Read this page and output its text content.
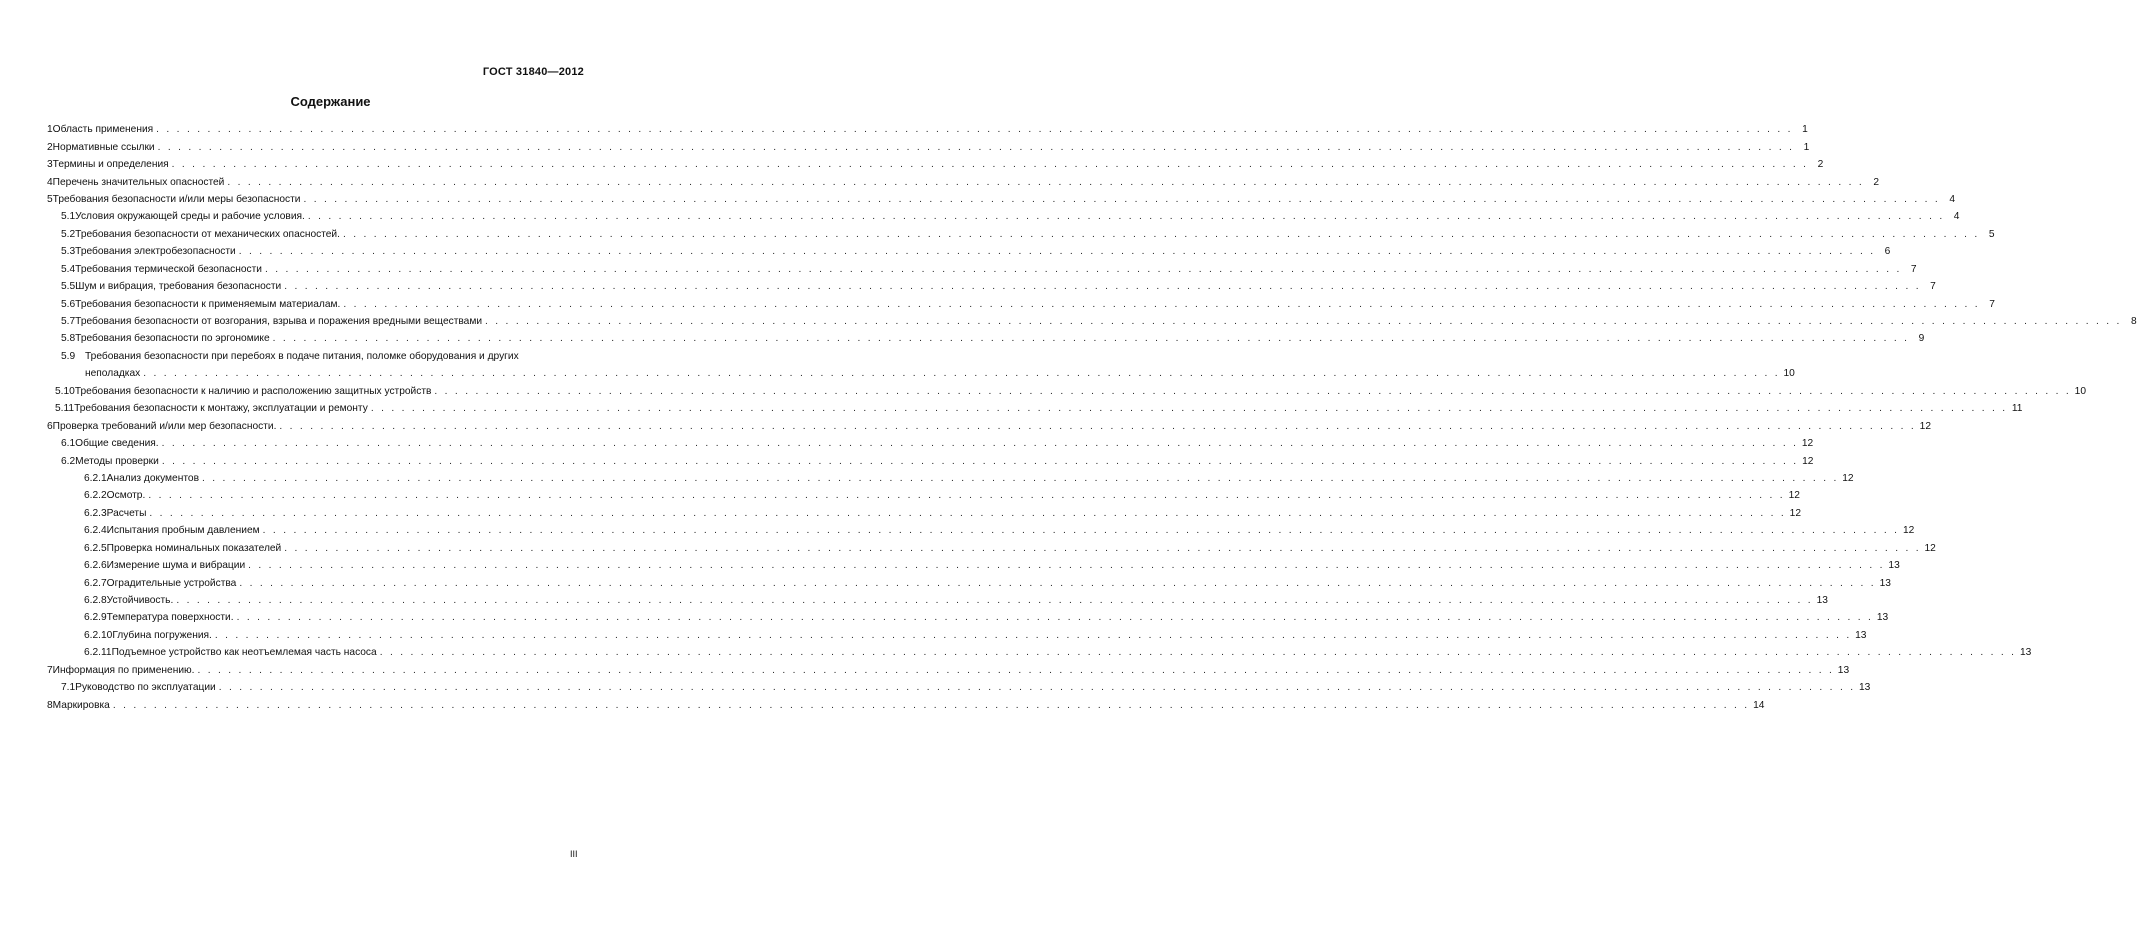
ГОСТ 31840—2012
Содержание
1 Область применения . . . . . . . . . . . . . . . . . . . . . . . . . . . . . . . . . . . . . . . . . . . . . . . . . . . . . . . . . . . . . . . . . . . . . . . . . . . . . . . . . . . . . . . . . . . . . . . . . . . . . . . . . . . . . . . . . . . . . . . . . . . . . . . . . . . . . . . . . . . . . . . . . . . . . . . . . . . . . . . . 1
2 Нормативные ссылки . . . . . . . . . . . . . . . . . . . . . . . . . . . . . . . . . . . . . . . . . . . . . . . . . . . . . . . . . . . . . . . . . . . . . . . . . . . . . . . . . . . . . . . . . . . . . . . . . . . . . . . . . . . . . . . . . . . . . . . . . . . . . . . . . . . . . . . . . . . . . . . . . . . . . . . . . . . . . . . . 1
3 Термины и определения . . . . . . . . . . . . . . . . . . . . . . . . . . . . . . . . . . . . . . . . . . . . . . . . . . . . . . . . . . . . . . . . . . . . . . . . . . . . . . . . . . . . . . . . . . . . . . . . . . . . . . . . . . . . . . . . . . . . . . . . . . . . . . . . . . . . . . . . . . . . . . . . . . . . . . . . . . . . . . . . 2
4 Перечень значительных опасностей . . . . . . . . . . . . . . . . . . . . . . . . . . . . . . . . . . . . . . . . . . . . . . . . . . . . . . . . . . . . . . . . . . . . . . . . . . . . . . . . . . . . . . . . . . . . . . . . . . . . . . . . . . . . . . . . . . . . . . . . . . . . . . . . . . . . . . . . . . . . . . . . . . . . . . . . . . . . . . . . 2
5 Требования безопасности и/или меры безопасности . . . . . . . . . . . . . . . . . . . . . . . . . . . . . . . . . . . . . . . . . . . . . . . . . . . . . . . . . . . . . . . . . . . . . . . . . . . . . . . . . . . . . . . . . . . . . . . . . . . . . . . . . . . . . . . . . . . . . . . . . . . . . . . . . . . . . . . . . . . . . . . . . . . . . . . . . . . . . . . . 4
5.1 Условия окружающей среды и рабочие условия. . . . . . . . . . . . . . . . . . . . . . . . . . . . . . . . . . . . . . . . . . . . . . . . . . . . . . . . . . . . . . . . . . . . . . . . . . . . . . . . . . . . . . . . . . . . . . . . . . . . . . . . . . . . . . . . . . . . . . . . . . . . . . . . . . . . . . . . . . . . . . . . . . . . . . . . . . . . . . . . . 4
5.2 Требования безопасности от механических опасностей. . . . . . . . . . . . . . . . . . . . . . . . . . . . . . . . . . . . . . . . . . . . . . . . . . . . . . . . . . . . . . . . . . . . . . . . . . . . . . . . . . . . . . . . . . . . . . . . . . . . . . . . . . . . . . . . . . . . . . . . . . . . . . . . . . . . . . . . . . . . . . . . . . . . . . . . . . . . . . . . . 5
5.3 Требования электробезопасности . . . . . . . . . . . . . . . . . . . . . . . . . . . . . . . . . . . . . . . . . . . . . . . . . . . . . . . . . . . . . . . . . . . . . . . . . . . . . . . . . . . . . . . . . . . . . . . . . . . . . . . . . . . . . . . . . . . . . . . . . . . . . . . . . . . . . . . . . . . . . . . . . . . . . . . . . . . . . . . . 6
5.4 Требования термической безопасности . . . . . . . . . . . . . . . . . . . . . . . . . . . . . . . . . . . . . . . . . . . . . . . . . . . . . . . . . . . . . . . . . . . . . . . . . . . . . . . . . . . . . . . . . . . . . . . . . . . . . . . . . . . . . . . . . . . . . . . . . . . . . . . . . . . . . . . . . . . . . . . . . . . . . . . . . . . . . . . . 7
5.5 Шум и вибрация, требования безопасности . . . . . . . . . . . . . . . . . . . . . . . . . . . . . . . . . . . . . . . . . . . . . . . . . . . . . . . . . . . . . . . . . . . . . . . . . . . . . . . . . . . . . . . . . . . . . . . . . . . . . . . . . . . . . . . . . . . . . . . . . . . . . . . . . . . . . . . . . . . . . . . . . . . . . . . . . . . . . . . . 7
5.6 Требования безопасности к применяемым материалам. . . . . . . . . . . . . . . . . . . . . . . . . . . . . . . . . . . . . . . . . . . . . . . . . . . . . . . . . . . . . . . . . . . . . . . . . . . . . . . . . . . . . . . . . . . . . . . . . . . . . . . . . . . . . . . . . . . . . . . . . . . . . . . . . . . . . . . . . . . . . . . . . . . . . . . . . . . . . . . . . 7
5.7 Требования безопасности от возгорания, взрыва и поражения вредными веществами . . . . . . . . . . . . . . . . . . . . . . . . . . . . . . . . . . . . . . . . . . . . . . . . . . . . . . . . . . . . . . . . . . . . . . . . . . . . . . . . . . . . . . . . . . . . . . . . . . . . . . . . . . . . . . . . . . . . . . . . . . . . . . . . . . . . . . . . . . . . . . . . . . . . . . . . . . . . . . . . 8
5.8 Требования безопасности по эргономике . . . . . . . . . . . . . . . . . . . . . . . . . . . . . . . . . . . . . . . . . . . . . . . . . . . . . . . . . . . . . . . . . . . . . . . . . . . . . . . . . . . . . . . . . . . . . . . . . . . . . . . . . . . . . . . . . . . . . . . . . . . . . . . . . . . . . . . . . . . . . . . . . . . . . . . . . . . . . . . . 9
5.9 Требования безопасности при перебоях в подаче питания, поломке оборудования и других
неполадках . . . . . . . . . . . . . . . . . . . . . . . . . . . . . . . . . . . . . . . . . . . . . . . . . . . . . . . . . . . . . . . . . . . . . . . . . . . . . . . . . . . . . . . . . . . . . . . . . . . . . . . . . . . . . . . . . . . . . . . . . . . . . . . . . . . . . . . . . . . . . . . . . . . . . . . . . . . . . . . . 10
5.10 Требования безопасности к наличию и расположению защитных устройств . . . . . . . . . . . . . . . . . . . . . . . . . . . . . . . . . . . . . . . . . . . . . . . . . . . . . . . . . . . . . . . . . . . . . . . . . . . . . . . . . . . . . . . . . . . . . . . . . . . . . . . . . . . . . . . . . . . . . . . . . . . . . . . . . . . . . . . . . . . . . . . . . . . . . . . . . . . . . . . . 10
5.11 Требования безопасности к монтажу, эксплуатации и ремонту . . . . . . . . . . . . . . . . . . . . . . . . . . . . . . . . . . . . . . . . . . . . . . . . . . . . . . . . . . . . . . . . . . . . . . . . . . . . . . . . . . . . . . . . . . . . . . . . . . . . . . . . . . . . . . . . . . . . . . . . . . . . . . . . . . . . . . . . . . . . . . . . . . . . . . . . . . . . . . . . 11
6 Проверка требований и/или мер безопасности. . . . . . . . . . . . . . . . . . . . . . . . . . . . . . . . . . . . . . . . . . . . . . . . . . . . . . . . . . . . . . . . . . . . . . . . . . . . . . . . . . . . . . . . . . . . . . . . . . . . . . . . . . . . . . . . . . . . . . . . . . . . . . . . . . . . . . . . . . . . . . . . . . . . . . . . . . . . . . . . . 12
6.1 Общие сведения. . . . . . . . . . . . . . . . . . . . . . . . . . . . . . . . . . . . . . . . . . . . . . . . . . . . . . . . . . . . . . . . . . . . . . . . . . . . . . . . . . . . . . . . . . . . . . . . . . . . . . . . . . . . . . . . . . . . . . . . . . . . . . . . . . . . . . . . . . . . . . . . . . . . . . . . . . . . . . . . . 12
6.2 Методы проверки . . . . . . . . . . . . . . . . . . . . . . . . . . . . . . . . . . . . . . . . . . . . . . . . . . . . . . . . . . . . . . . . . . . . . . . . . . . . . . . . . . . . . . . . . . . . . . . . . . . . . . . . . . . . . . . . . . . . . . . . . . . . . . . . . . . . . . . . . . . . . . . . . . . . . . . . . . . . . . . . 12
6.2.1 Анализ документов . . . . . . . . . . . . . . . . . . . . . . . . . . . . . . . . . . . . . . . . . . . . . . . . . . . . . . . . . . . . . . . . . . . . . . . . . . . . . . . . . . . . . . . . . . . . . . . . . . . . . . . . . . . . . . . . . . . . . . . . . . . . . . . . . . . . . . . . . . . . . . . . . . . . . . . . . . . . . . . . 12
6.2.2 Осмотр. . . . . . . . . . . . . . . . . . . . . . . . . . . . . . . . . . . . . . . . . . . . . . . . . . . . . . . . . . . . . . . . . . . . . . . . . . . . . . . . . . . . . . . . . . . . . . . . . . . . . . . . . . . . . . . . . . . . . . . . . . . . . . . . . . . . . . . . . . . . . . . . . . . . . . . . . . . . . . . . . 12
6.2.3 Расчеты . . . . . . . . . . . . . . . . . . . . . . . . . . . . . . . . . . . . . . . . . . . . . . . . . . . . . . . . . . . . . . . . . . . . . . . . . . . . . . . . . . . . . . . . . . . . . . . . . . . . . . . . . . . . . . . . . . . . . . . . . . . . . . . . . . . . . . . . . . . . . . . . . . . . . . . . . . . . . . . . 12
6.2.4 Испытания пробным давлением . . . . . . . . . . . . . . . . . . . . . . . . . . . . . . . . . . . . . . . . . . . . . . . . . . . . . . . . . . . . . . . . . . . . . . . . . . . . . . . . . . . . . . . . . . . . . . . . . . . . . . . . . . . . . . . . . . . . . . . . . . . . . . . . . . . . . . . . . . . . . . . . . . . . . . . . . . . . . . . . 12
6.2.5 Проверка номинальных показателей . . . . . . . . . . . . . . . . . . . . . . . . . . . . . . . . . . . . . . . . . . . . . . . . . . . . . . . . . . . . . . . . . . . . . . . . . . . . . . . . . . . . . . . . . . . . . . . . . . . . . . . . . . . . . . . . . . . . . . . . . . . . . . . . . . . . . . . . . . . . . . . . . . . . . . . . . . . . . . . . 12
6.2.6 Измерение шума и вибрации . . . . . . . . . . . . . . . . . . . . . . . . . . . . . . . . . . . . . . . . . . . . . . . . . . . . . . . . . . . . . . . . . . . . . . . . . . . . . . . . . . . . . . . . . . . . . . . . . . . . . . . . . . . . . . . . . . . . . . . . . . . . . . . . . . . . . . . . . . . . . . . . . . . . . . . . . . . . . . . . 13
6.2.7 Оградительные устройства . . . . . . . . . . . . . . . . . . . . . . . . . . . . . . . . . . . . . . . . . . . . . . . . . . . . . . . . . . . . . . . . . . . . . . . . . . . . . . . . . . . . . . . . . . . . . . . . . . . . . . . . . . . . . . . . . . . . . . . . . . . . . . . . . . . . . . . . . . . . . . . . . . . . . . . . . . . . . . . . 13
6.2.8 Устойчивость. . . . . . . . . . . . . . . . . . . . . . . . . . . . . . . . . . . . . . . . . . . . . . . . . . . . . . . . . . . . . . . . . . . . . . . . . . . . . . . . . . . . . . . . . . . . . . . . . . . . . . . . . . . . . . . . . . . . . . . . . . . . . . . . . . . . . . . . . . . . . . . . . . . . . . . . . . . . . . . . . 13
6.2.9 Температура поверхности. . . . . . . . . . . . . . . . . . . . . . . . . . . . . . . . . . . . . . . . . . . . . . . . . . . . . . . . . . . . . . . . . . . . . . . . . . . . . . . . . . . . . . . . . . . . . . . . . . . . . . . . . . . . . . . . . . . . . . . . . . . . . . . . . . . . . . . . . . . . . . . . . . . . . . . . . . . . . . . . . 13
6.2.10 Глубина погружения. . . . . . . . . . . . . . . . . . . . . . . . . . . . . . . . . . . . . . . . . . . . . . . . . . . . . . . . . . . . . . . . . . . . . . . . . . . . . . . . . . . . . . . . . . . . . . . . . . . . . . . . . . . . . . . . . . . . . . . . . . . . . . . . . . . . . . . . . . . . . . . . . . . . . . . . . . . . . . . . . 13
6.2.11 Подъемное устройство как неотъемлемая часть насоса . . . . . . . . . . . . . . . . . . . . . . . . . . . . . . . . . . . . . . . . . . . . . . . . . . . . . . . . . . . . . . . . . . . . . . . . . . . . . . . . . . . . . . . . . . . . . . . . . . . . . . . . . . . . . . . . . . . . . . . . . . . . . . . . . . . . . . . . . . . . . . . . . . . . . . . . . . . . . . . . 13
7 Информация по применению. . . . . . . . . . . . . . . . . . . . . . . . . . . . . . . . . . . . . . . . . . . . . . . . . . . . . . . . . . . . . . . . . . . . . . . . . . . . . . . . . . . . . . . . . . . . . . . . . . . . . . . . . . . . . . . . . . . . . . . . . . . . . . . . . . . . . . . . . . . . . . . . . . . . . . . . . . . . . . . . . 13
7.1 Руководство по эксплуатации . . . . . . . . . . . . . . . . . . . . . . . . . . . . . . . . . . . . . . . . . . . . . . . . . . . . . . . . . . . . . . . . . . . . . . . . . . . . . . . . . . . . . . . . . . . . . . . . . . . . . . . . . . . . . . . . . . . . . . . . . . . . . . . . . . . . . . . . . . . . . . . . . . . . . . . . . . . . . . . . 13
8 Маркировка . . . . . . . . . . . . . . . . . . . . . . . . . . . . . . . . . . . . . . . . . . . . . . . . . . . . . . . . . . . . . . . . . . . . . . . . . . . . . . . . . . . . . . . . . . . . . . . . . . . . . . . . . . . . . . . . . . . . . . . . . . . . . . . . . . . . . . . . . . . . . . . . . . . . . . . . . . . . . . . . 14
III
